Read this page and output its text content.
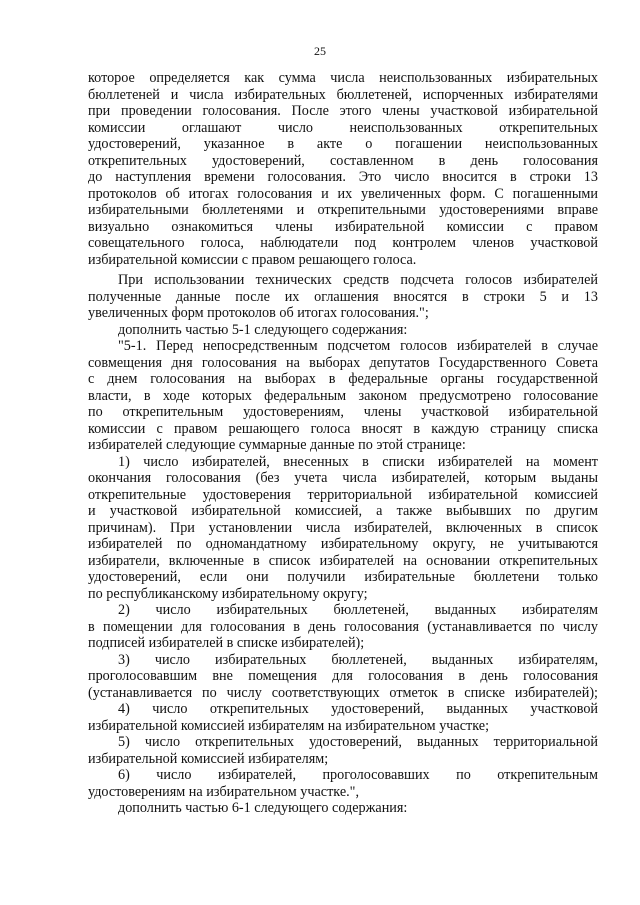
25
которое определяется как сумма числа неиспользованных избирательных
бюллетеней и числа избирательных бюллетеней, испорченных избирателями
при проведении голосования. После этого члены участковой избирательной
комиссии оглашают число неиспользованных открепительных
удостоверений, указанное в акте о погашении неиспользованных
открепительных удостоверений, составленном в день голосования
до наступления времени голосования. Это число вносится в строки 13
протоколов об итогах голосования и их увеличенных форм. С погашенными
избирательными бюллетенями и открепительными удостоверениями вправе
визуально ознакомиться члены избирательной комиссии с правом
совещательного голоса, наблюдатели под контролем членов участковой
избирательной комиссии с правом решающего голоса.
При использовании технических средств подсчета голосов избирателей
полученные данные после их оглашения вносятся в строки 5 и 13
увеличенных форм протоколов об итогах голосования.";
дополнить частью 5-1 следующего содержания:
"5-1. Перед непосредственным подсчетом голосов избирателей в случае
совмещения дня голосования на выборах депутатов Государственного Совета
с днем голосования на выборах в федеральные органы государственной
власти, в ходе которых федеральным законом предусмотрено голосование
по открепительным удостоверениям, члены участковой избирательной
комиссии с правом решающего голоса вносят в каждую страницу списка
избирателей следующие суммарные данные по этой странице:
1) число избирателей, внесенных в списки избирателей на момент
окончания голосования (без учета числа избирателей, которым выданы
открепительные удостоверения территориальной избирательной комиссией
и участковой избирательной комиссией, а также выбывших по другим
причинам). При установлении числа избирателей, включенных в список
избирателей по одномандатному избирательному округу, не учитываются
избиратели, включенные в список избирателей на основании открепительных
удостоверений, если они получили избирательные бюллетени только
по республиканскому избирательному округу;
2) число избирательных бюллетеней, выданных избирателям
в помещении для голосования в день голосования (устанавливается по числу
подписей избирателей в списке избирателей);
3) число избирательных бюллетеней, выданных избирателям,
проголосовавшим вне помещения для голосования в день голосования
(устанавливается по числу соответствующих отметок в списке избирателей);
4) число открепительных удостоверений, выданных участковой
избирательной комиссией избирателям на избирательном участке;
5) число открепительных удостоверений, выданных территориальной
избирательной комиссией избирателям;
6) число избирателей, проголосовавших по открепительным
удостоверениям на избирательном участке.",
дополнить частью 6-1 следующего содержания:
